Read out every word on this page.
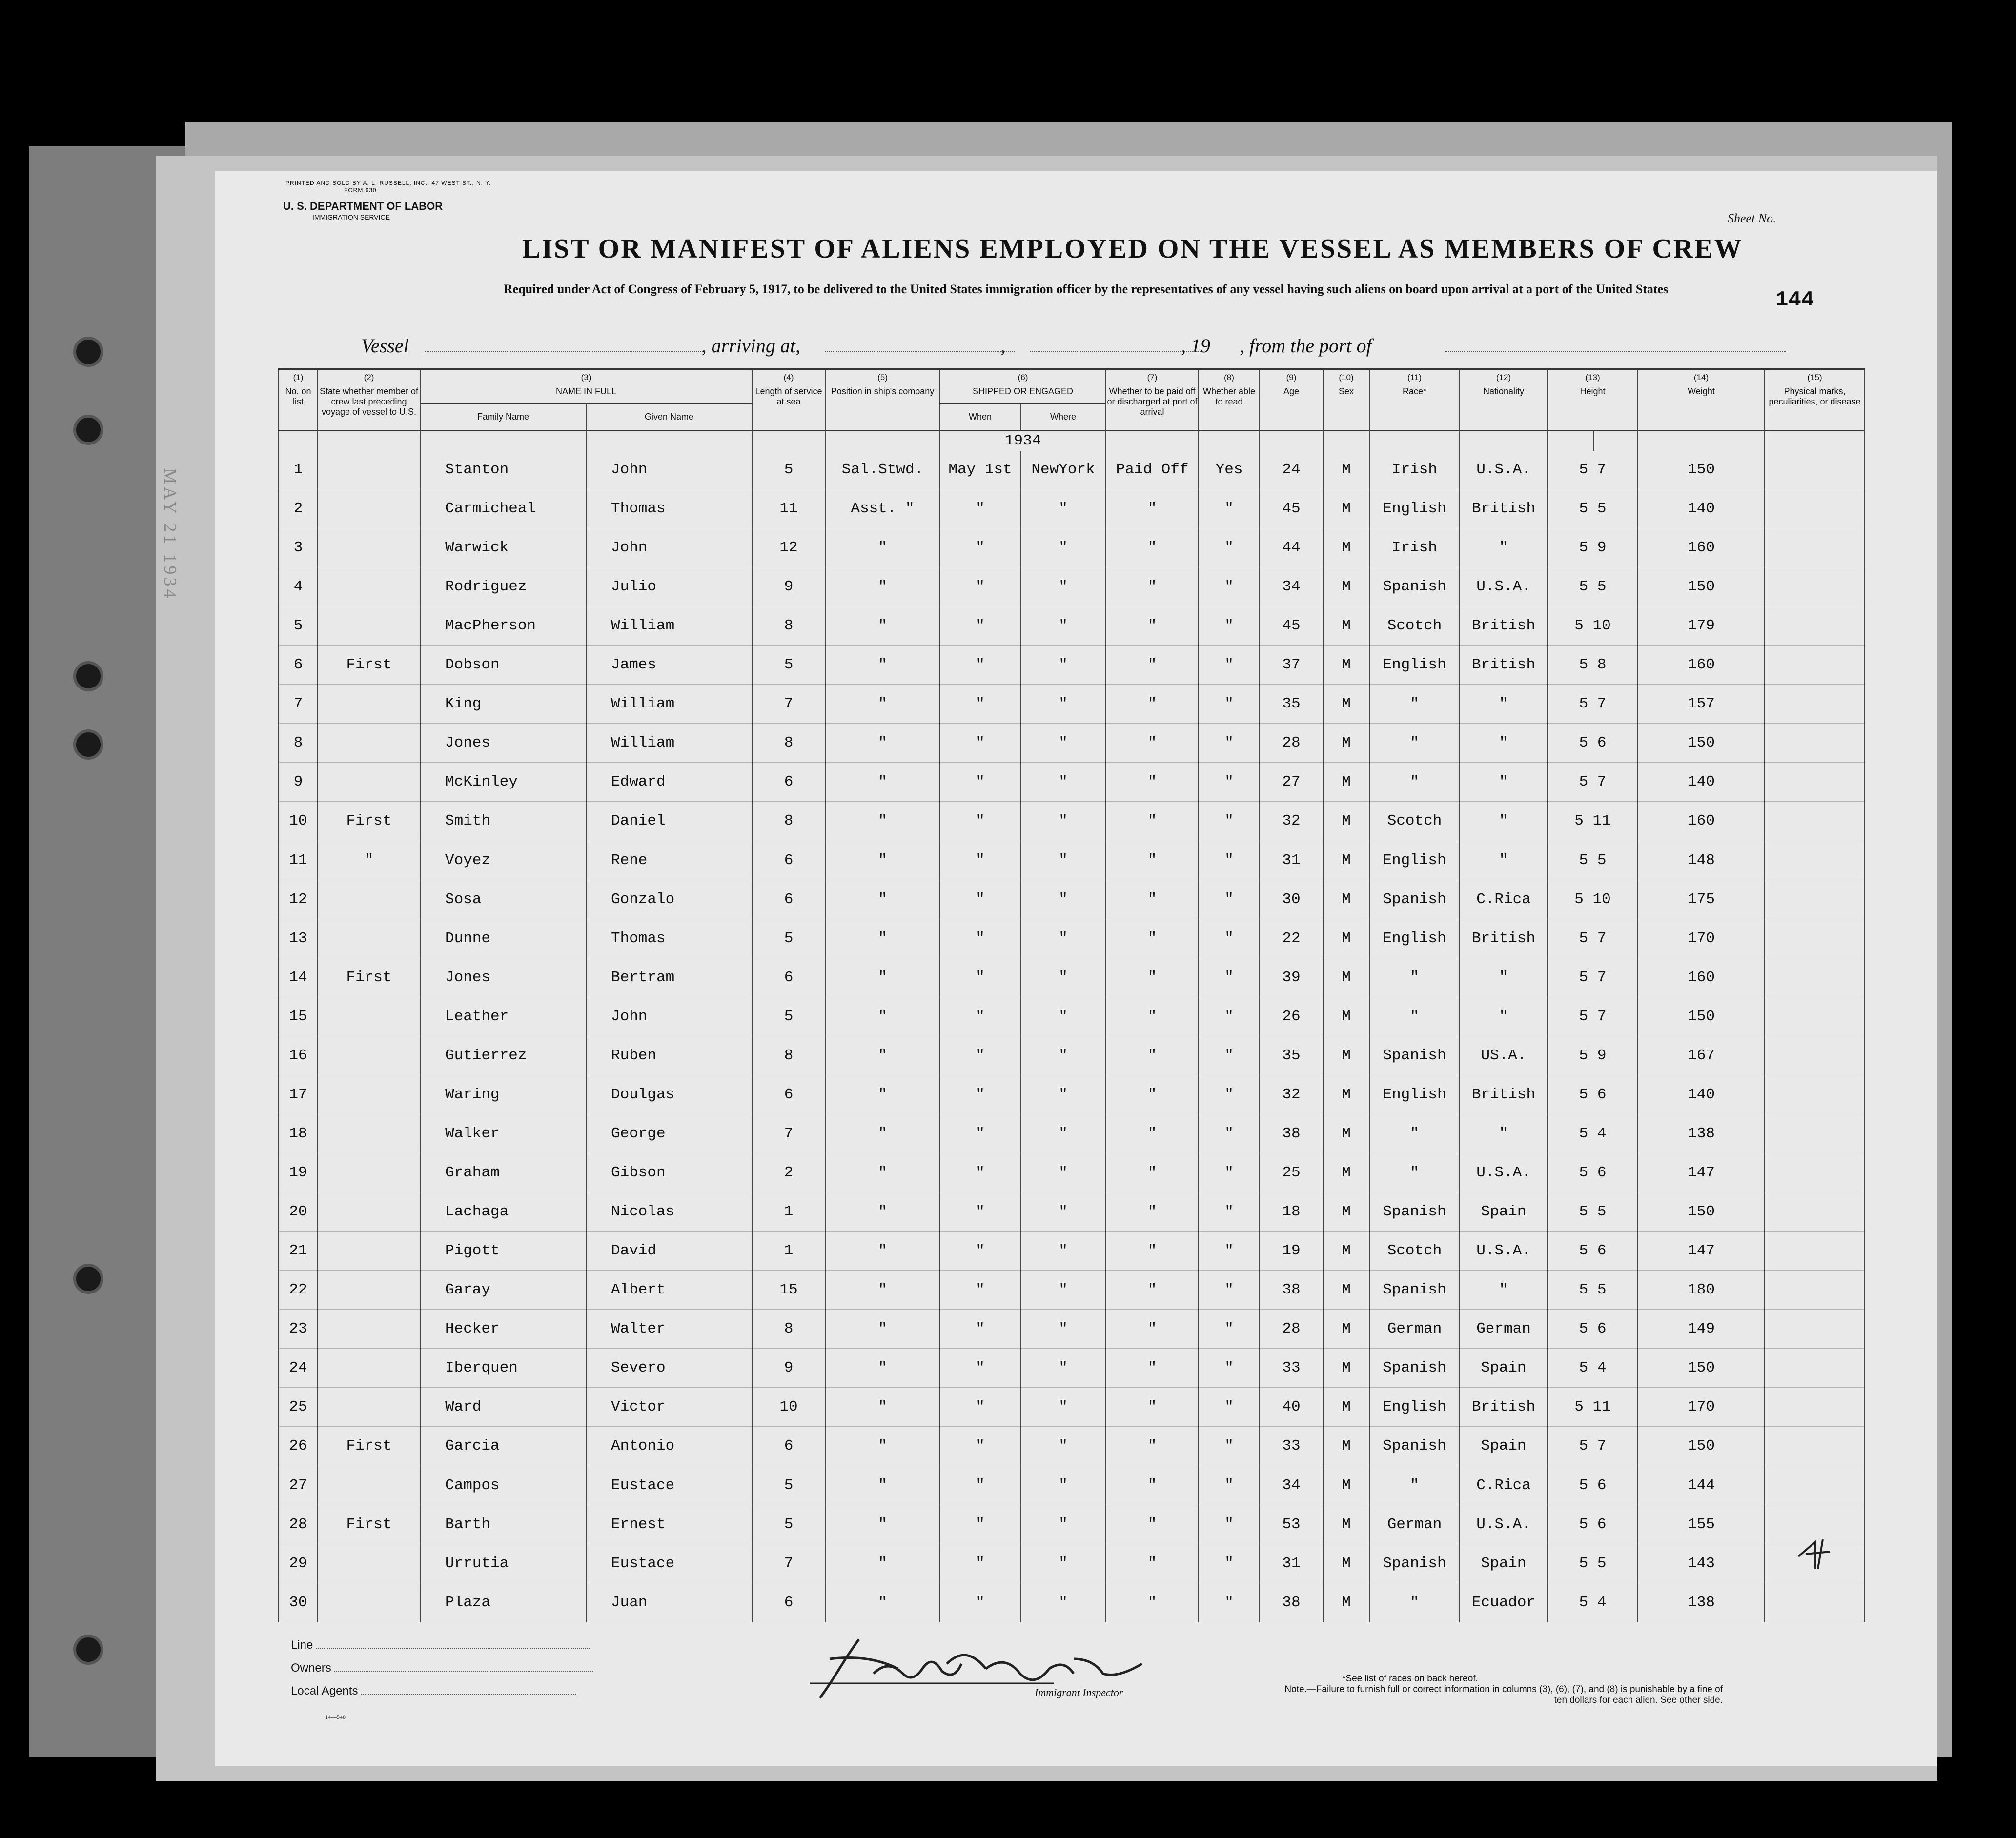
MAY 21 1934
PRINTED AND SOLD BY A. L. RUSSELL, INC., 47 WEST ST., N. Y.
FORM 630
U. S. DEPARTMENT OF LABOR
IMMIGRATION SERVICE	Sheet No.
LIST OR MANIFEST OF ALIENS EMPLOYED ON THE VESSEL AS MEMBERS OF CREW
Required under Act of Congress of February 5, 1917, to be delivered to the United States immigration officer by the representatives of any vessel having such aliens on board upon arrival at a port of the United States	144
Vessel	, arriving at,	,	, 19 , from the port of
(1)
No. on list	(2)
State whether member of crew last preceding voyage of vessel to U.S.	(3)
NAME IN FULL		(4)
Length of service at sea	(5)
Position in ship's company	(6)
SHIPPED OR ENGAGED		(7)
Whether to be paid off or discharged at port of arrival	(8)
Whether able to read	(9)
Age	(10)
Sex	(11)
Race*	(12)
Nationality	(13)
Height		(14)
Weight	(15)
Physical marks, peculiarities, or disease	

		Family Name	Given Name			When	Where											
						1934												
1		Stanton	John	5	Sal.Stwd.	May 1st	NewYork	Paid Off	Yes	24	M	Irish	U.S.A.	5 7		150		
2		Carmicheal	Thomas	11	Asst. "	"	"	"	"	45	M	English	British	5 5		140		
3		Warwick	John	12	"	"	"	"	"	44	M	Irish	"	5 9		160		
4		Rodriguez	Julio	9	"	"	"	"	"	34	M	Spanish	U.S.A.	5 5		150		
5		MacPherson	William	8	"	"	"	"	"	45	M	Scotch	British	5 10		179		
6	First	Dobson	James	5	"	"	"	"	"	37	M	English	British	5 8		160		
7		King	William	7	"	"	"	"	"	35	M	"	"	5 7		157		
8		Jones	William	8	"	"	"	"	"	28	M	"	"	5 6		150		
9		McKinley	Edward	6	"	"	"	"	"	27	M	"	"	5 7		140		
10	First	Smith	Daniel	8	"	"	"	"	"	32	M	Scotch	"	5 11		160		
11	"	Voyez	Rene	6	"	"	"	"	"	31	M	English	"	5 5		148		
12		Sosa	Gonzalo	6	"	"	"	"	"	30	M	Spanish	C.Rica	5 10		175		
13		Dunne	Thomas	5	"	"	"	"	"	22	M	English	British	5 7		170		
14	First	Jones	Bertram	6	"	"	"	"	"	39	M	"	"	5 7		160		
15		Leather	John	5	"	"	"	"	"	26	M	"	"	5 7		150		
16		Gutierrez	Ruben	8	"	"	"	"	"	35	M	Spanish	US.A.	5 9		167		
17		Waring	Doulgas	6	"	"	"	"	"	32	M	English	British	5 6		140		
18		Walker	George	7	"	"	"	"	"	38	M	"	"	5 4		138		
19		Graham	Gibson	2	"	"	"	"	"	25	M	"	U.S.A.	5 6		147		
20		Lachaga	Nicolas	1	"	"	"	"	"	18	M	Spanish	Spain	5 5		150		
21		Pigott	David	1	"	"	"	"	"	19	M	Scotch	U.S.A.	5 6		147		
22		Garay	Albert	15	"	"	"	"	"	38	M	Spanish	"	5 5		180		
23		Hecker	Walter	8	"	"	"	"	"	28	M	German	German	5 6		149		
24		Iberquen	Severo	9	"	"	"	"	"	33	M	Spanish	Spain	5 4		150		
25		Ward	Victor	10	"	"	"	"	"	40	M	English	British	5 11		170		
26	First	Garcia	Antonio	6	"	"	"	"	"	33	M	Spanish	Spain	5 7		150		
27		Campos	Eustace	5	"	"	"	"	"	34	M	"	C.Rica	5 6		144		
28	First	Barth	Ernest	5	"	"	"	"	"	53	M	German	U.S.A.	5 6		155		
29		Urrutia	Eustace	7	"	"	"	"	"	31	M	Spanish	Spain	5 5		143		
30		Plaza	Juan	6	"	"	"	"	"	38	M	"	Ecuador	5 4		138		
Line
Owners
Local Agents	Immigrant Inspector
*See list of races on back hereof.
Note.—Failure to furnish full or correct information in columns (3), (6), (7), and (8) is punishable by a fine of ten dollars for each alien. See other side.
14—540
